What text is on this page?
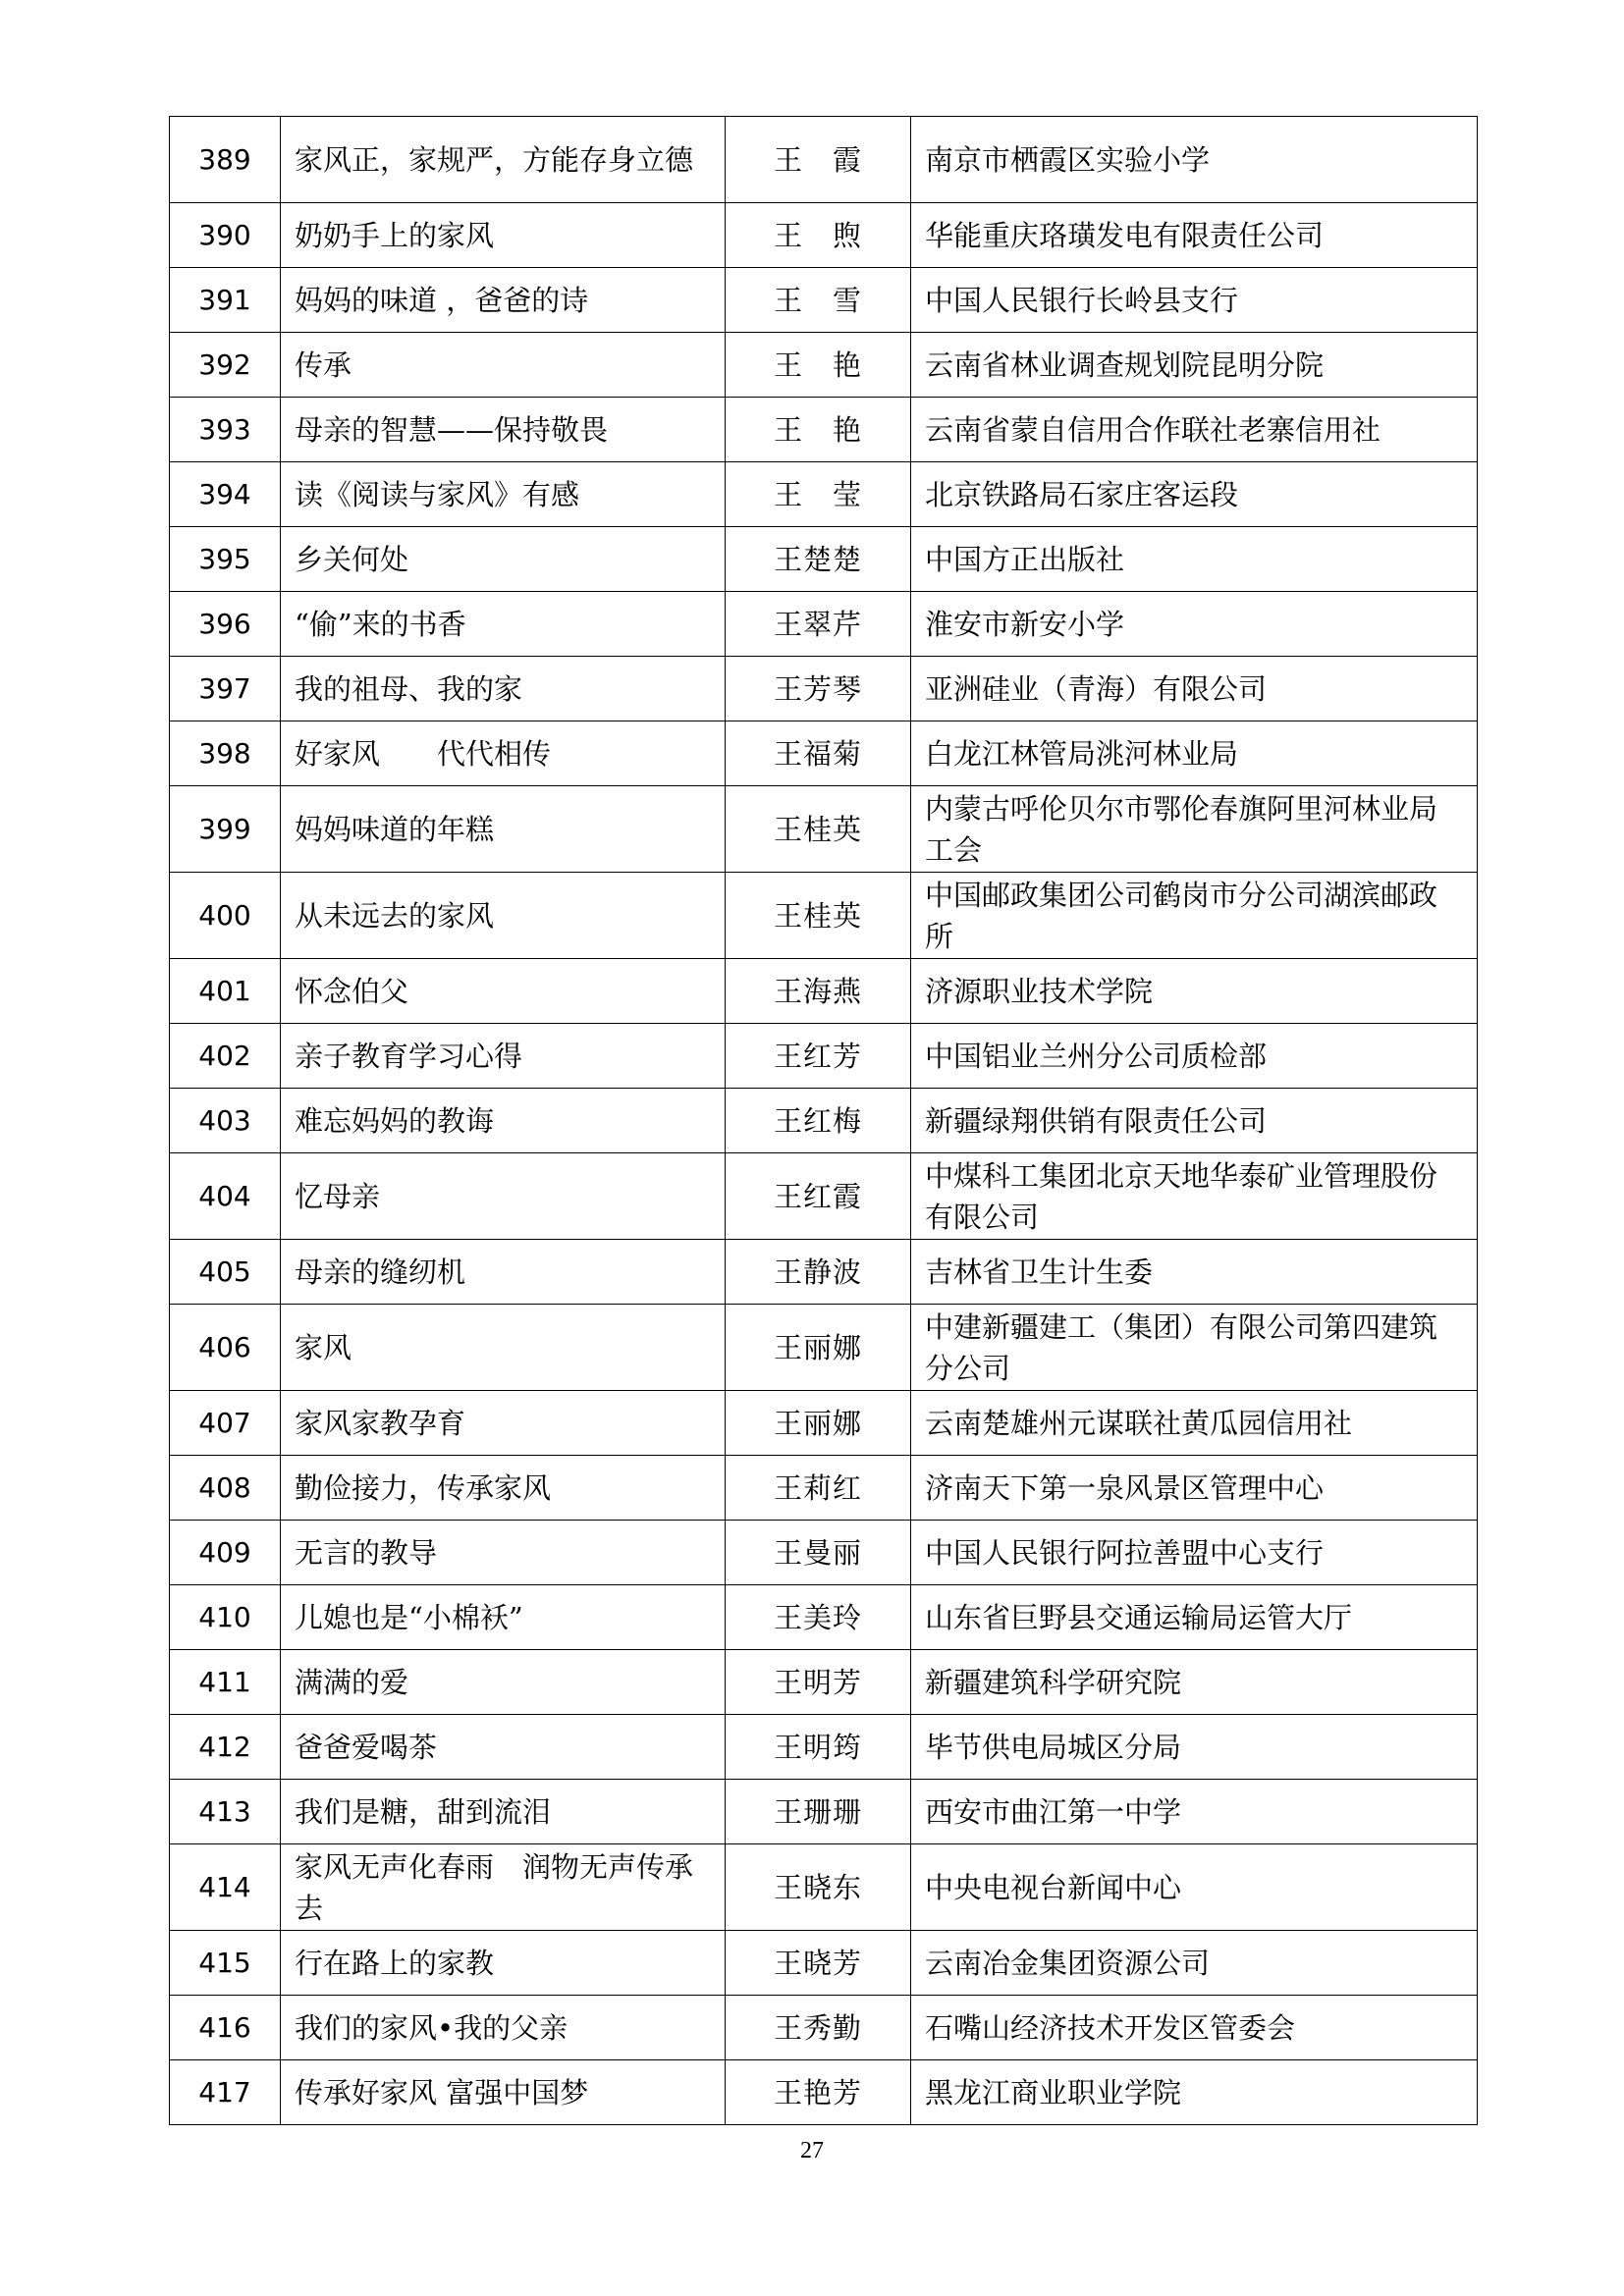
389	家风正，家规严，方能存身立德	王　霞	南京市栖霞区实验小学
390	奶奶手上的家风	王　煦	华能重庆珞璜发电有限责任公司
391	妈妈的味道 ，爸爸的诗	王　雪	中国人民银行长岭县支行
392	传承	王　艳	云南省林业调查规划院昆明分院
393	母亲的智慧——保持敬畏	王　艳	云南省蒙自信用合作联社老寨信用社
394	读《阅读与家风》有感	王　莹	北京铁路局石家庄客运段
395	乡关何处	王楚楚	中国方正出版社
396	“偷”来的书香	王翠芹	淮安市新安小学
397	我的祖母、我的家	王芳琴	亚洲硅业（青海）有限公司
398	好家风　　代代相传	王福菊	白龙江林管局洮河林业局
399	妈妈味道的年糕	王桂英	内蒙古呼伦贝尔市鄂伦春旗阿里河林业局工会
400	从未远去的家风	王桂英	中国邮政集团公司鹤岗市分公司湖滨邮政所
401	怀念伯父	王海燕	济源职业技术学院
402	亲子教育学习心得	王红芳	中国铝业兰州分公司质检部
403	难忘妈妈的教诲	王红梅	新疆绿翔供销有限责任公司
404	忆母亲	王红霞	中煤科工集团北京天地华泰矿业管理股份有限公司
405	母亲的缝纫机	王静波	吉林省卫生计生委
406	家风	王丽娜	中建新疆建工（集团）有限公司第四建筑分公司
407	家风家教孕育	王丽娜	云南楚雄州元谋联社黄瓜园信用社
408	勤俭接力，传承家风	王莉红	济南天下第一泉风景区管理中心
409	无言的教导	王曼丽	中国人民银行阿拉善盟中心支行
410	儿媳也是“小棉袄”	王美玲	山东省巨野县交通运输局运管大厅
411	满满的爱	王明芳	新疆建筑科学研究院
412	爸爸爱喝茶	王明筠	毕节供电局城区分局
413	我们是糖，甜到流泪	王珊珊	西安市曲江第一中学
414	家风无声化春雨　润物无声传承去	王晓东	中央电视台新闻中心
415	行在路上的家教	王晓芳	云南冶金集团资源公司
416	我们的家风•我的父亲	王秀勤	石嘴山经济技术开发区管委会
417	传承好家风 富强中国梦	王艳芳	黑龙江商业职业学院
27
